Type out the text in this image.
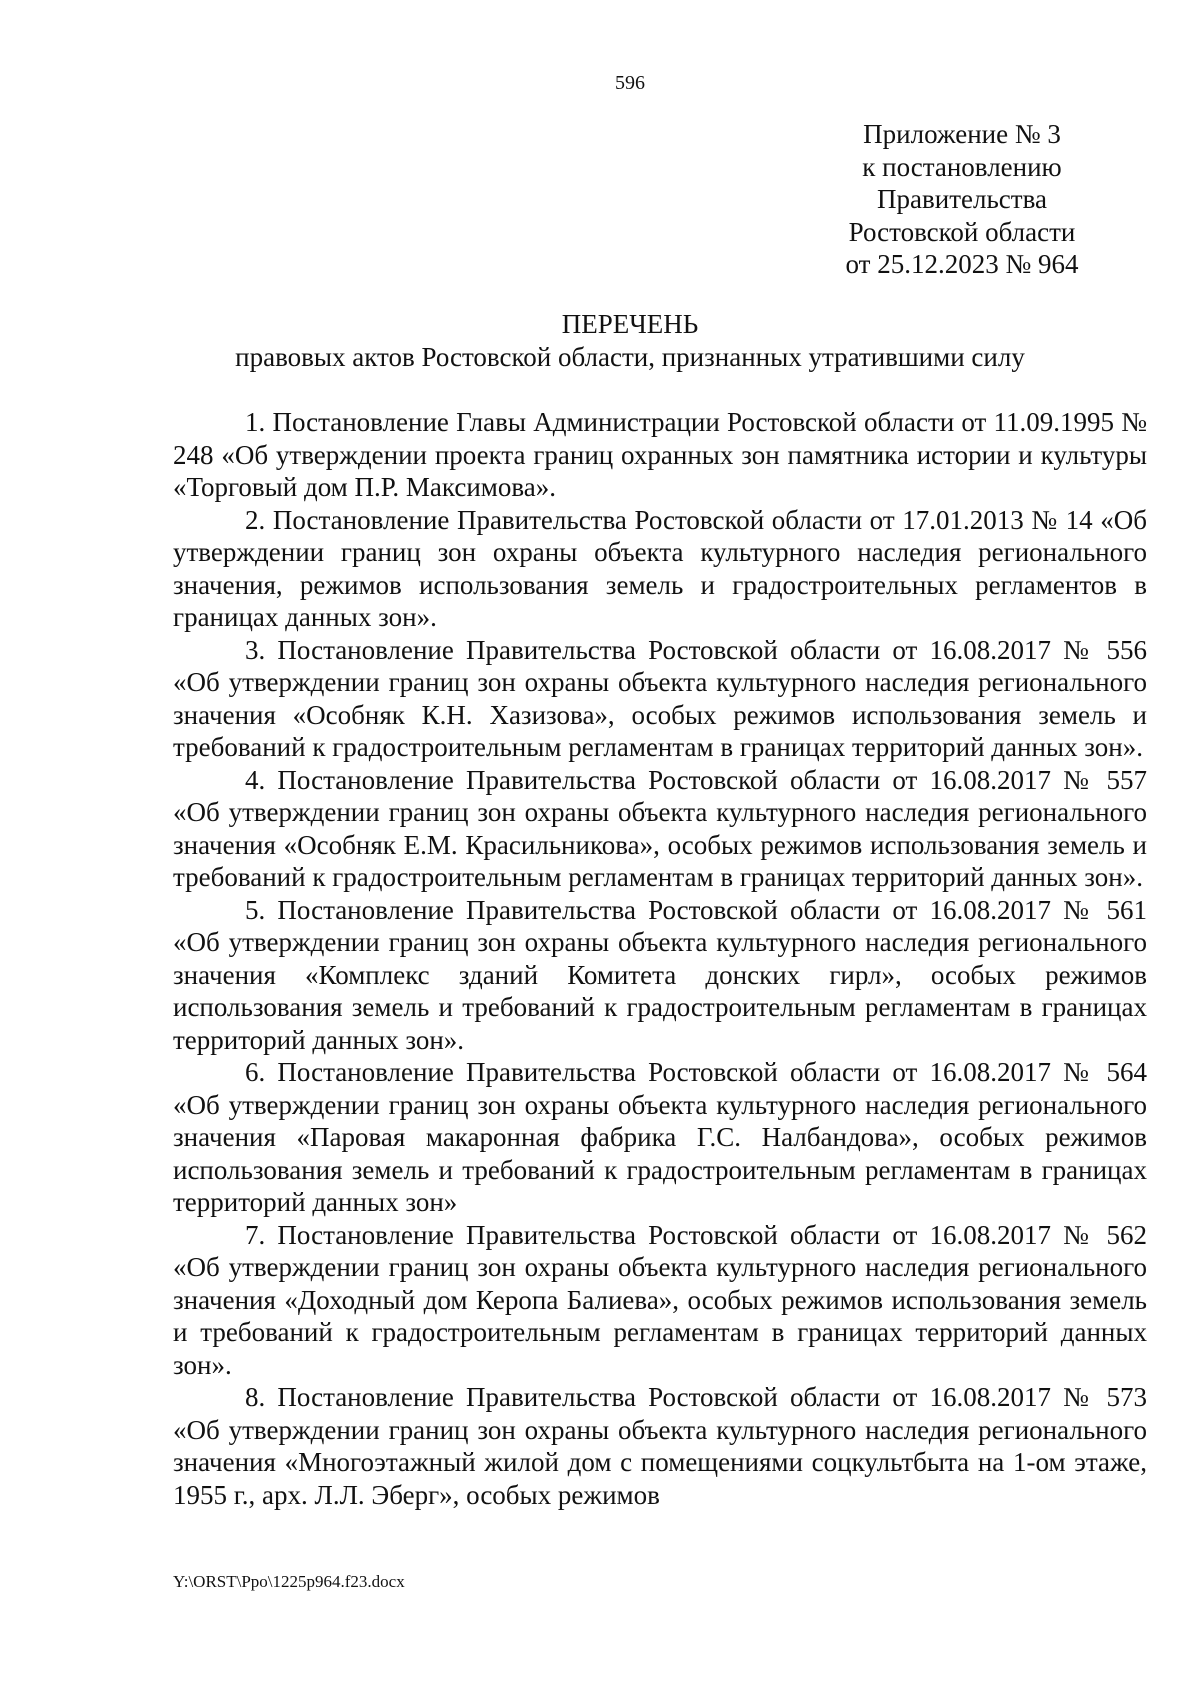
596
Приложение № 3
к постановлению
Правительства
Ростовской области
от 25.12.2023 № 964
ПЕРЕЧЕНЬ
правовых актов Ростовской области, признанных утратившими силу

1. Постановление Главы Администрации Ростовской области от 11.09.1995 № 248 «Об утверждении проекта границ охранных зон памятника истории и культуры «Торговый дом П.Р. Максимова».

2. Постановление Правительства Ростовской области от 17.01.2013 № 14 «Об утверждении границ зон охраны объекта культурного наследия регионального значения, режимов использования земель и градостроительных регламентов в границах данных зон».

3. Постановление Правительства Ростовской области от 16.08.2017 № 556 «Об утверждении границ зон охраны объекта культурного наследия регионального значения «Особняк К.Н. Хазизова», особых режимов использования земель и требований к градостроительным регламентам в границах территорий данных зон».

4. Постановление Правительства Ростовской области от 16.08.2017 № 557 «Об утверждении границ зон охраны объекта культурного наследия регионального значения «Особняк Е.М. Красильникова», особых режимов использования земель и требований к градостроительным регламентам в границах территорий данных зон».

5. Постановление Правительства Ростовской области от 16.08.2017 № 561 «Об утверждении границ зон охраны объекта культурного наследия регионального значения «Комплекс зданий Комитета донских гирл», особых режимов использования земель и требований к градостроительным регламентам в границах территорий данных зон».

6. Постановление Правительства Ростовской области от 16.08.2017 № 564 «Об утверждении границ зон охраны объекта культурного наследия регионального значения «Паровая макаронная фабрика Г.С. Налбандова», особых режимов использования земель и требований к градостроительным регламентам в границах территорий данных зон»

7. Постановление Правительства Ростовской области от 16.08.2017 № 562 «Об утверждении границ зон охраны объекта культурного наследия регионального значения «Доходный дом Керопа Балиева», особых режимов использования земель и требований к градостроительным регламентам в границах территорий данных зон».

8. Постановление Правительства Ростовской области от 16.08.2017 № 573 «Об утверждении границ зон охраны объекта культурного наследия регионального значения «Многоэтажный жилой дом с помещениями соцкультбыта на 1-ом этаже, 1955 г., арх. Л.Л. Эберг», особых режимов

Y:\ORST\Ppo\1225p964.f23.docx
